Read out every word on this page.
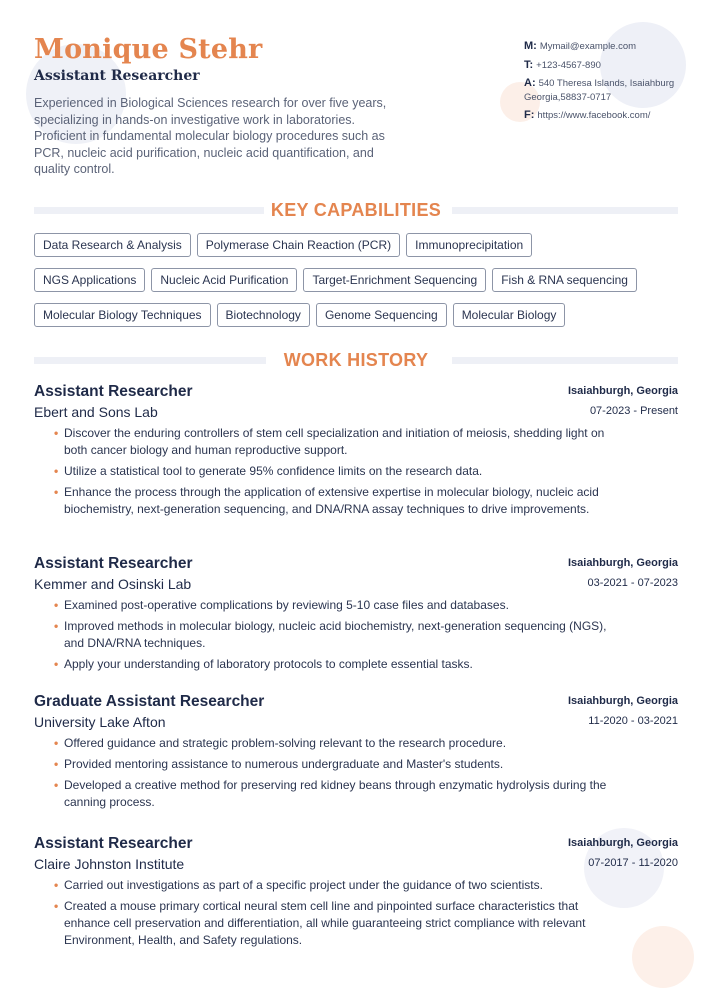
Monique Stehr
Assistant Researcher

Experienced in Biological Sciences research for over five years, specializing in hands-on investigative work in laboratories. Proficient in fundamental molecular biology procedures such as PCR, nucleic acid purification, nucleic acid quantification, and quality control.

M: Mymail@example.com
T: +123-4567-890
A: 540 Theresa Islands, Isaiahburg Georgia,58837-0717
F: https://www.facebook.com/
KEY CAPABILITIES
Data Research & Analysis	Polymerase Chain Reaction (PCR)	Immunoprecipitation
NGS Applications	Nucleic Acid Purification	Target-Enrichment Sequencing	Fish & RNA sequencing
Molecular Biology Techniques	Biotechnology	Genome Sequencing	Molecular Biology
WORK HISTORY
Assistant Researcher
Ebert and Sons Lab
Isaiahburgh, Georgia
07-2023 - Present
• Discover the enduring controllers of stem cell specialization and initiation of meiosis, shedding light on both cancer biology and human reproductive support.
• Utilize a statistical tool to generate 95% confidence limits on the research data.
• Enhance the process through the application of extensive expertise in molecular biology, nucleic acid biochemistry, next-generation sequencing, and DNA/RNA assay techniques to drive improvements.
Assistant Researcher
Kemmer and Osinski Lab
Isaiahburgh, Georgia
03-2021 - 07-2023
• Examined post-operative complications by reviewing 5-10 case files and databases.
• Improved methods in molecular biology, nucleic acid biochemistry, next-generation sequencing (NGS), and DNA/RNA techniques.
• Apply your understanding of laboratory protocols to complete essential tasks.
Graduate Assistant Researcher
University Lake Afton
Isaiahburgh, Georgia
11-2020 - 03-2021
• Offered guidance and strategic problem-solving relevant to the research procedure.
• Provided mentoring assistance to numerous undergraduate and Master's students.
• Developed a creative method for preserving red kidney beans through enzymatic hydrolysis during the canning process.
Assistant Researcher
Claire Johnston Institute
Isaiahburgh, Georgia
07-2017 - 11-2020
• Carried out investigations as part of a specific project under the guidance of two scientists.
• Created a mouse primary cortical neural stem cell line and pinpointed surface characteristics that enhance cell preservation and differentiation, all while guaranteeing strict compliance with relevant Environment, Health, and Safety regulations.
